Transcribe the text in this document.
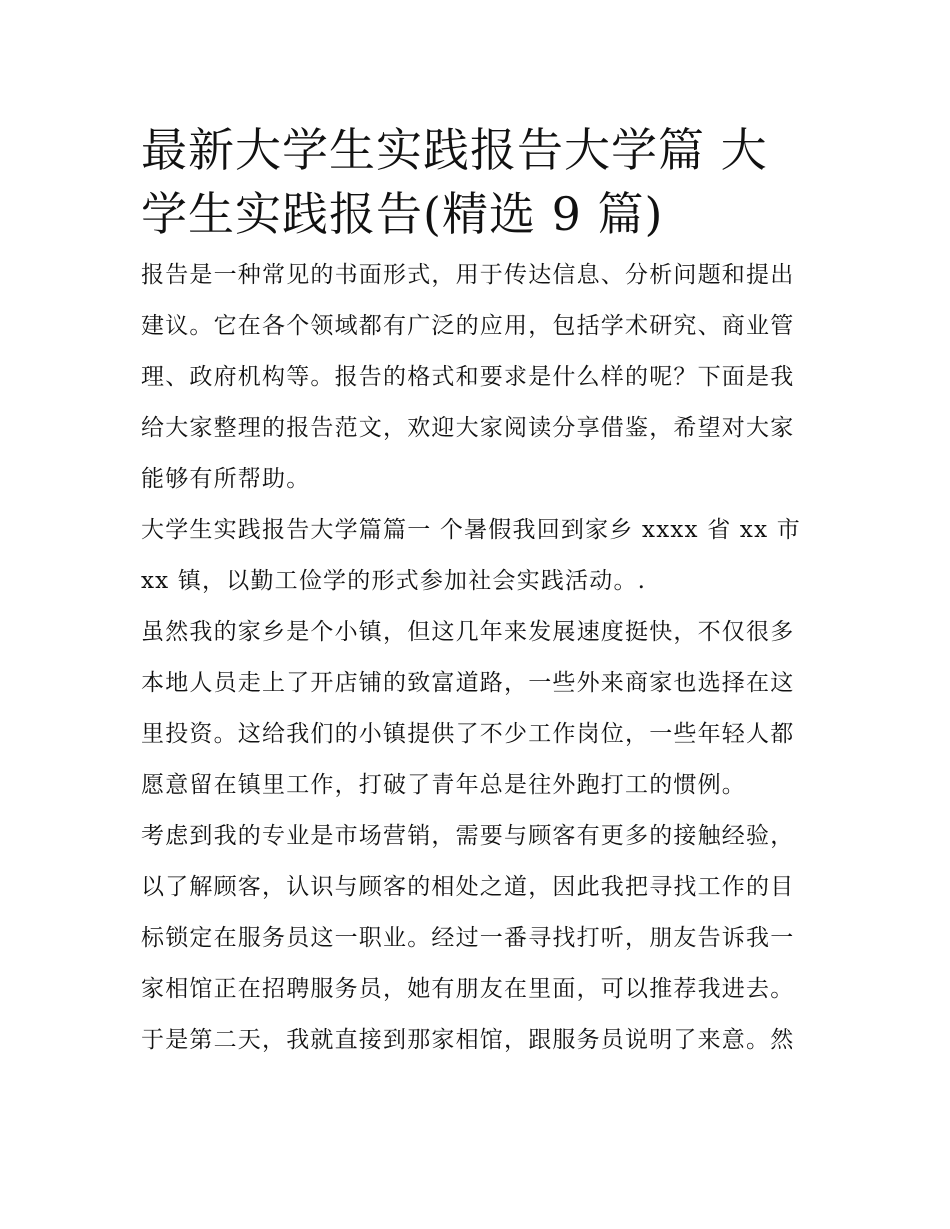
最新大学生实践报告大学篇 大学生实践报告(精选 9 篇)

报告是一种常见的书面形式，用于传达信息、分析问题和提出建议。它在各个领域都有广泛的应用，包括学术研究、商业管理、政府机构等。报告的格式和要求是什么样的呢？下面是我给大家整理的报告范文，欢迎大家阅读分享借鉴，希望对大家能够有所帮助。

大学生实践报告大学篇篇一 个暑假我回到家乡 xxxx 省 xx 市 xx 镇，以勤工俭学的形式参加社会实践活动。.

虽然我的家乡是个小镇，但这几年来发展速度挺快，不仅很多本地人员走上了开店铺的致富道路，一些外来商家也选择在这里投资。这给我们的小镇提供了不少工作岗位，一些年轻人都愿意留在镇里工作，打破了青年总是往外跑打工的惯例。

考虑到我的专业是市场营销，需要与顾客有更多的接触经验，以了解顾客，认识与顾客的相处之道，因此我把寻找工作的目标锁定在服务员这一职业。经过一番寻找打听，朋友告诉我一家相馆正在招聘服务员，她有朋友在里面，可以推荐我进去。于是第二天，我就直接到那家相馆，跟服务员说明了来意。然
